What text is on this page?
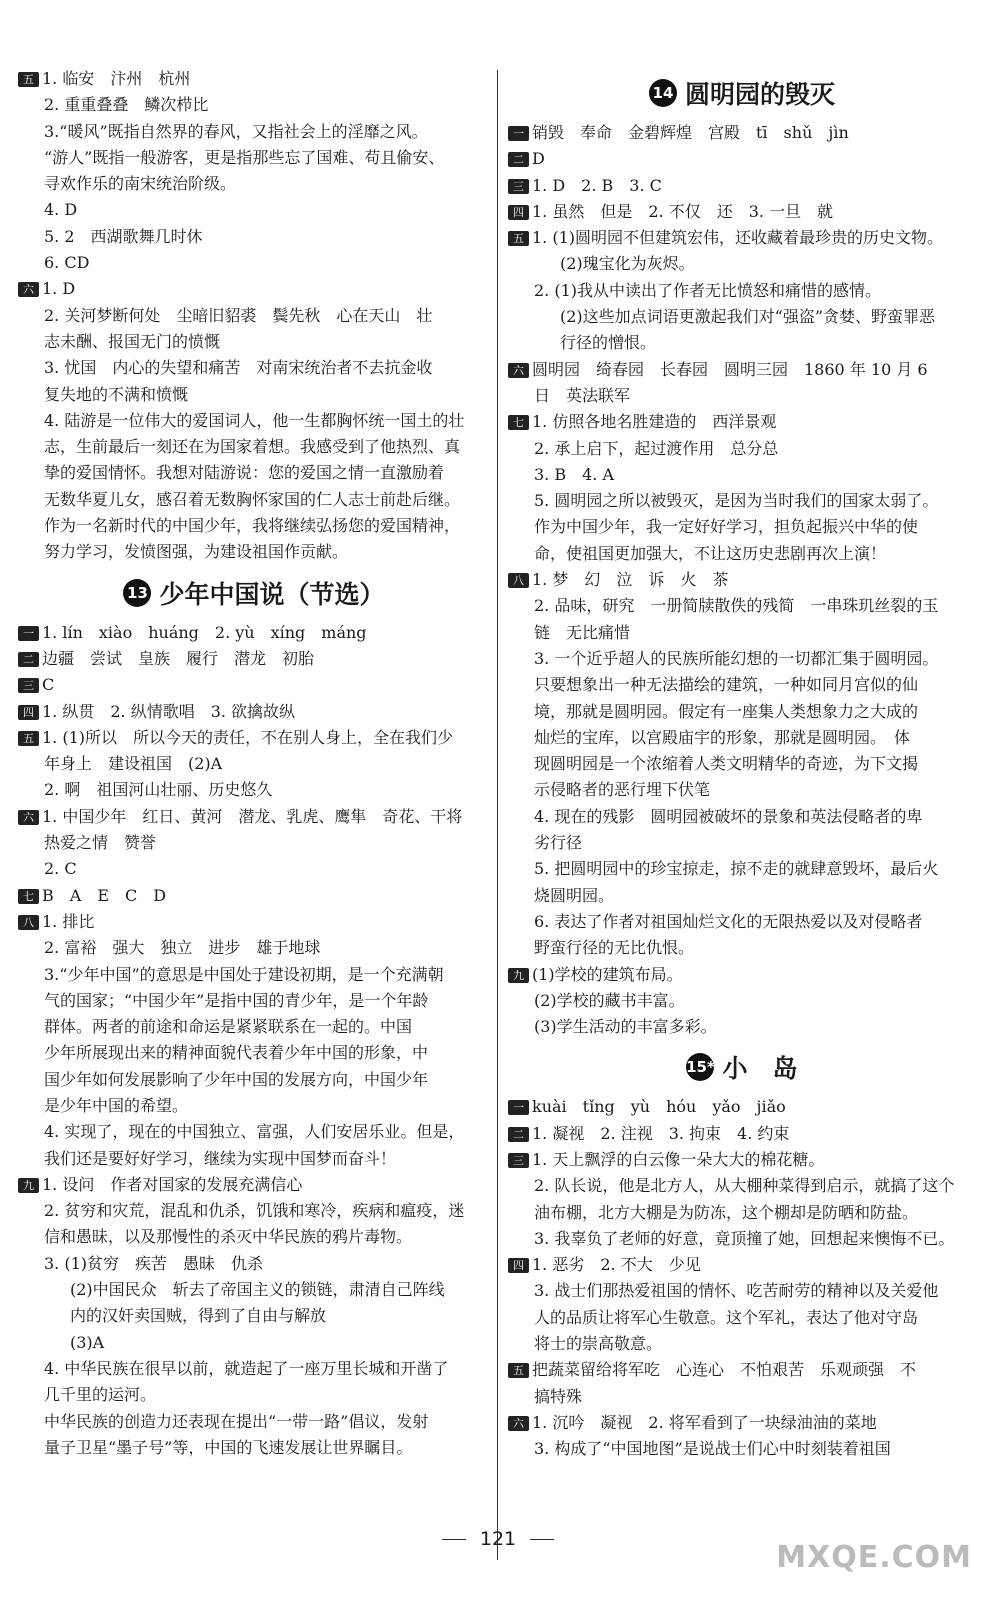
五 1. 临安　汴州　杭州
2. 重重叠叠　鳞次栉比
3.“暖风”既指自然界的春风，又指社会上的淫靡之风。
“游人”既指一般游客，更是指那些忘了国难、苟且偷安、
寻欢作乐的南宋统治阶级。
4. D
5. 2　西湖歌舞几时休
6. CD
六 1. D
2. 关河梦断何处　尘暗旧貂裘　鬓先秋　心在天山　壮
志未酬、报国无门的愤慨
3. 忧国　内心的失望和痛苦　对南宋统治者不去抗金收
复失地的不满和愤慨
4. 陆游是一位伟大的爱国词人，他一生都胸怀统一国土的壮
志，生前最后一刻还在为国家着想。我感受到了他热烈、真
挚的爱国情怀。我想对陆游说：您的爱国之情一直激励着
无数华夏儿女，感召着无数胸怀家国的仁人志士前赴后继。
作为一名新时代的中国少年，我将继续弘扬您的爱国精神，
努力学习，发愤图强，为建设祖国作贡献。
13 少年中国说（节选）
一 1. lín　xiào　huáng　2. yù　xíng　máng
二 边疆　尝试　皇族　履行　潜龙　初胎
三 C
四 1. 纵贯　2. 纵情歌唱　3. 欲擒故纵
五 1. (1)所以　所以今天的责任，不在别人身上，全在我们少
年身上　建设祖国　(2)A
2. 啊　祖国河山壮丽、历史悠久
六 1. 中国少年　红日、黄河　潜龙、乳虎、鹰隼　奇花、干将
热爱之情　赞誉
2. C
七 B　A　E　C　D
八 1. 排比
2. 富裕　强大　独立　进步　雄于地球
3.“少年中国”的意思是中国处于建设初期，是一个充满朝
气的国家；“中国少年”是指中国的青少年，是一个年龄
群体。两者的前途和命运是紧紧联系在一起的。中国
少年所展现出来的精神面貌代表着少年中国的形象，中
国少年如何发展影响了少年中国的发展方向，中国少年
是少年中国的希望。
4. 实现了，现在的中国独立、富强，人们安居乐业。但是，
我们还是要好好学习，继续为实现中国梦而奋斗！
九 1. 设问　作者对国家的发展充满信心
2. 贫穷和灾荒，混乱和仇杀，饥饿和寒冷，疾病和瘟疫，迷
信和愚昧，以及那慢性的杀灭中华民族的鸦片毒物。
3. (1)贫穷　疾苦　愚昧　仇杀
(2)中国民众　斩去了帝国主义的锁链，肃清自己阵线
内的汉奸卖国贼，得到了自由与解放
(3)A
4. 中华民族在很早以前，就造起了一座万里长城和开凿了
几千里的运河。
中华民族的创造力还表现在提出“一带一路”倡议，发射
量子卫星“墨子号”等，中国的飞速发展让世界瞩目。
14 圆明园的毁灭
一 销毁　奉命　金碧辉煌　宫殿　tī　shǔ　jìn
二 D
三 1. D　2. B　3. C
四 1. 虽然　但是　2. 不仅　还　3. 一旦　就
五 1. (1)圆明园不但建筑宏伟，还收藏着最珍贵的历史文物。
(2)瑰宝化为灰烬。
2. (1)我从中读出了作者无比愤怒和痛惜的感情。
(2)这些加点词语更激起我们对“强盗”贪婪、野蛮罪恶
行径的憎恨。
六 圆明园　绮春园　长春园　圆明三园　1860 年 10 月 6
日　英法联军
七 1. 仿照各地名胜建造的　西洋景观
2. 承上启下，起过渡作用　总分总
3. B　4. A
5. 圆明园之所以被毁灭，是因为当时我们的国家太弱了。
作为中国少年，我一定好好学习，担负起振兴中华的使
命，使祖国更加强大，不让这历史悲剧再次上演！
八 1. 梦　幻　泣　诉　火　茶
2. 品味，研究　一册简牍散佚的残简　一串珠玑丝裂的玉
链　无比痛惜
3. 一个近乎超人的民族所能幻想的一切都汇集于圆明园。
只要想象出一种无法描绘的建筑，一种如同月宫似的仙
境，那就是圆明园。假定有一座集人类想象力之大成的
灿烂的宝库，以宫殿庙宇的形象，那就是圆明园。　体
现圆明园是一个浓缩着人类文明精华的奇迹，为下文揭
示侵略者的恶行埋下伏笔
4. 现在的残影　圆明园被破坏的景象和英法侵略者的卑
劣行径
5. 把圆明园中的珍宝掠走，掠不走的就肆意毁坏，最后火
烧圆明园。
6. 表达了作者对祖国灿烂文化的无限热爱以及对侵略者
野蛮行径的无比仇恨。
九 (1)学校的建筑布局。
(2)学校的藏书丰富。
(3)学生活动的丰富多彩。
15* 小　岛
一 kuài　tǐng　yù　hóu　yǎo　jiǎo
二 1. 凝视　2. 注视　3. 拘束　4. 约束
三 1. 天上飘浮的白云像一朵大大的棉花糖。
2. 队长说，他是北方人，从大棚种菜得到启示，就搞了这个
油布棚，北方大棚是为防冻，这个棚却是防晒和防盐。
3. 我辜负了老师的好意，竟顶撞了她，回想起来懊悔不已。
四 1. 恶劣　2. 不大　少见
3. 战士们那热爱祖国的情怀、吃苦耐劳的精神以及关爱他
人的品质让将军心生敬意。这个军礼，表达了他对守岛
将士的崇高敬意。
五 把蔬菜留给将军吃　心连心　不怕艰苦　乐观顽强　不
搞特殊
六 1. 沉吟　凝视　2. 将军看到了一块绿油油的菜地
3. 构成了“中国地图”是说战士们心中时刻装着祖国
121
MXQE.COM
